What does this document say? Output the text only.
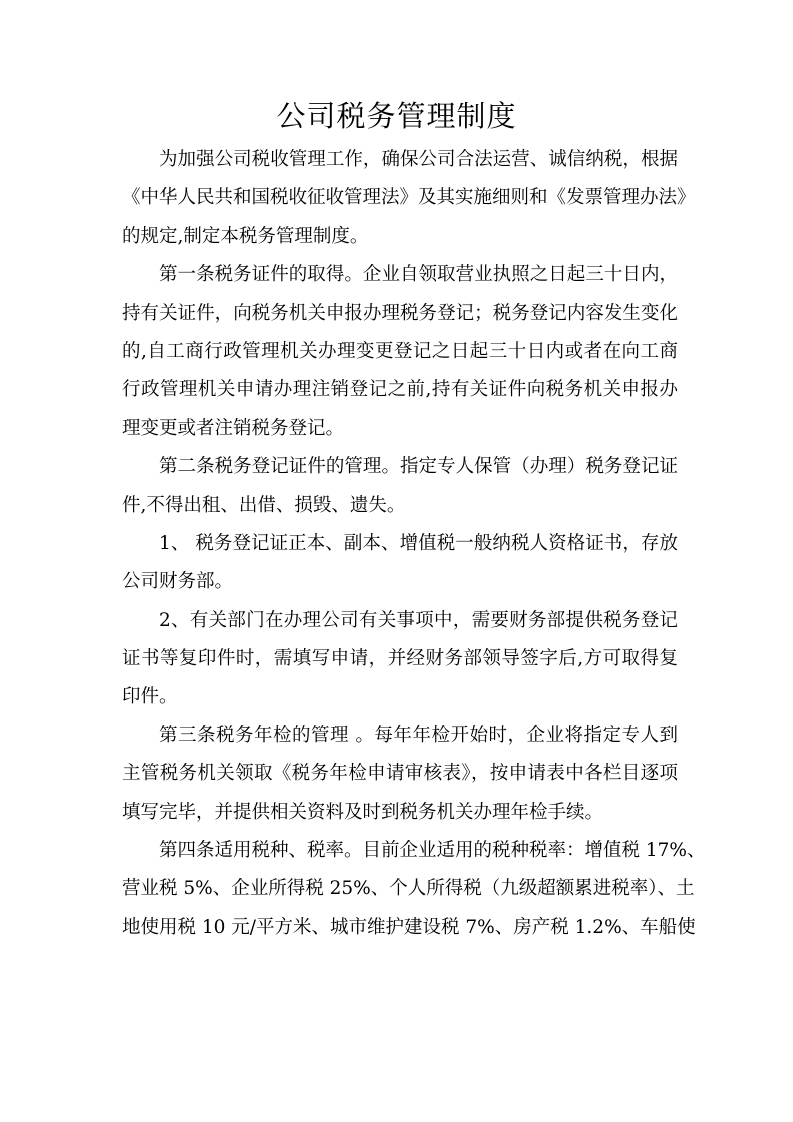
公司税务管理制度
为加强公司税收管理工作，确保公司合法运营、诚信纳税，根据
《中华人民共和国税收征收管理法》及其实施细则和《发票管理办法》
的规定,制定本税务管理制度。
第一条税务证件的取得。企业自领取营业执照之日起三十日内，
持有关证件，向税务机关申报办理税务登记；税务登记内容发生变化
的,自工商行政管理机关办理变更登记之日起三十日内或者在向工商
行政管理机关申请办理注销登记之前,持有关证件向税务机关申报办
理变更或者注销税务登记。
第二条税务登记证件的管理。指定专人保管（办理）税务登记证
件,不得出租、出借、损毁、遗失。
1、 税务登记证正本、副本、增值税一般纳税人资格证书，存放
公司财务部。
2、有关部门在办理公司有关事项中，需要财务部提供税务登记
证书等复印件时，需填写申请，并经财务部领导签字后,方可取得复
印件。
第三条税务年检的管理 。每年年检开始时，企业将指定专人到
主管税务机关领取《税务年检申请审核表》，按申请表中各栏目逐项
填写完毕，并提供相关资料及时到税务机关办理年检手续。
第四条适用税种、税率。目前企业适用的税种税率：增值税 17%、
营业税 5%、企业所得税 25%、个人所得税（九级超额累进税率）、土
地使用税 10 元/平方米、城市维护建设税 7%、房产税 1.2%、车船使
